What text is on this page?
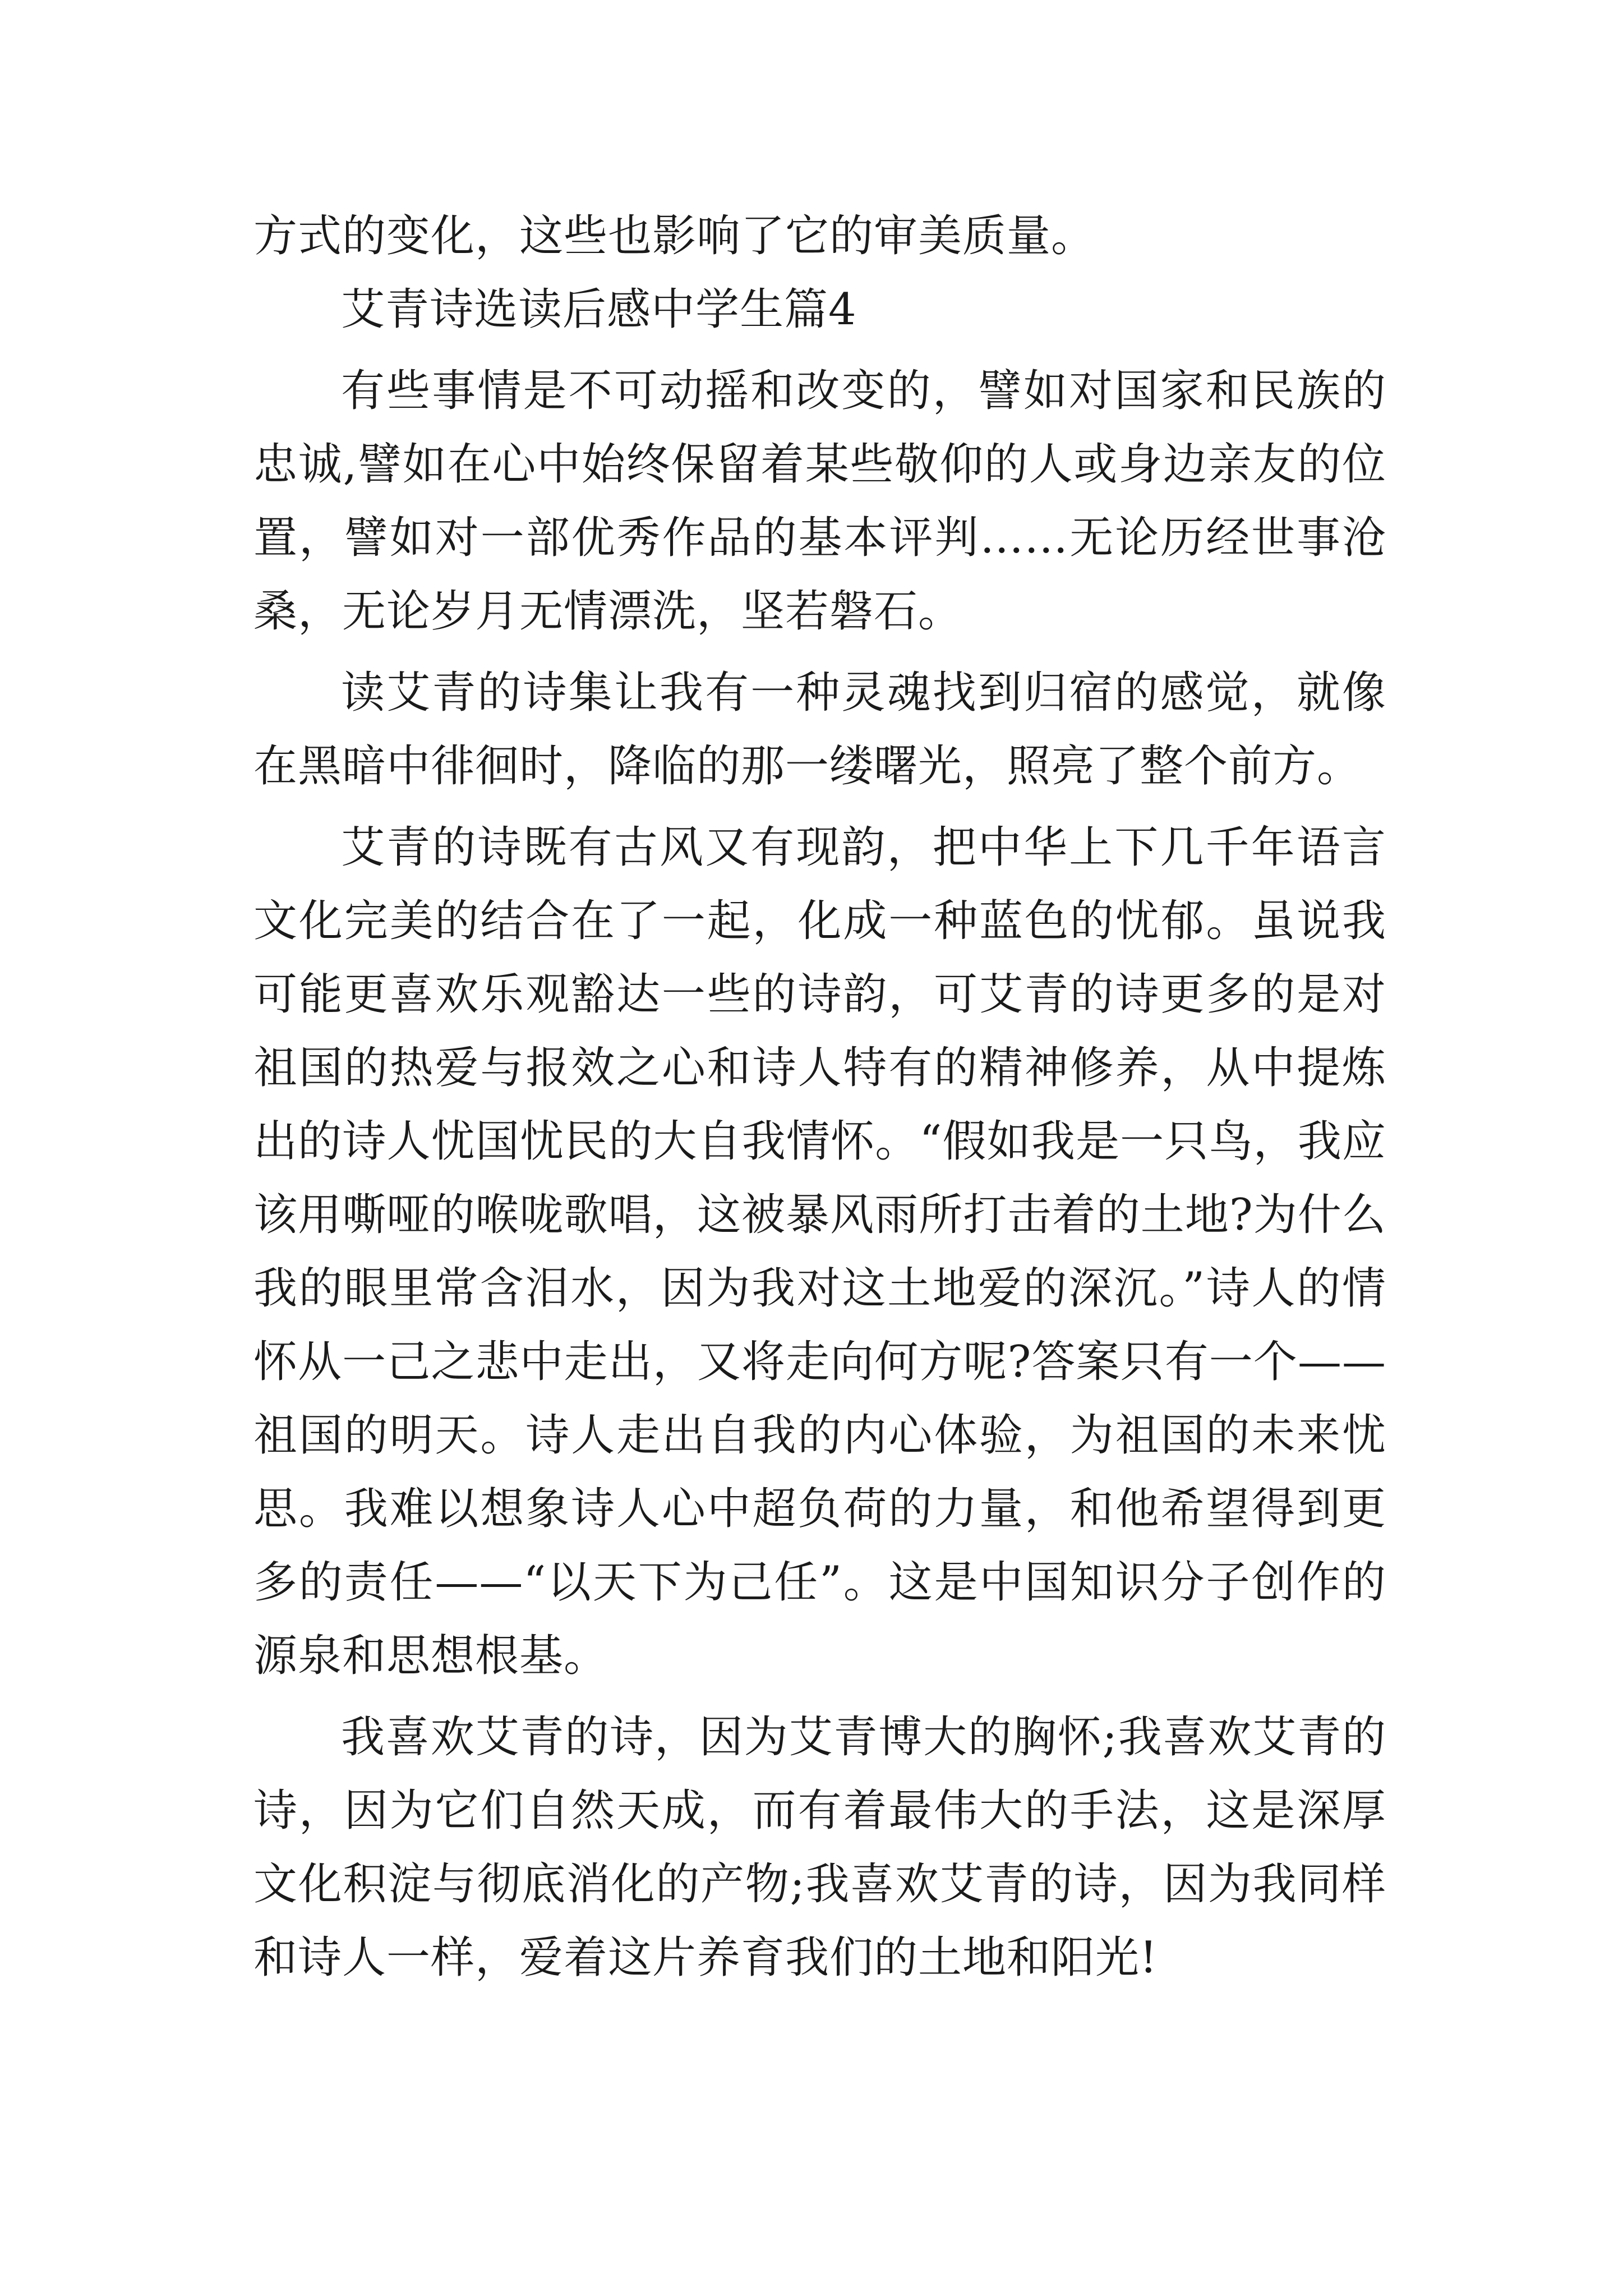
方式的变化，这些也影响了它的审美质量。

艾青诗选读后感中学生篇4

有些事情是不可动摇和改变的，譬如对国家和民族的忠诚,譬如在心中始终保留着某些敬仰的人或身边亲友的位置，譬如对一部优秀作品的基本评判……无论历经世事沧桑，无论岁月无情漂洗，坚若磐石。

读艾青的诗集让我有一种灵魂找到归宿的感觉，就像在黑暗中徘徊时，降临的那一缕曙光，照亮了整个前方。

艾青的诗既有古风又有现韵，把中华上下几千年语言文化完美的结合在了一起，化成一种蓝色的忧郁。虽说我可能更喜欢乐观豁达一些的诗韵，可艾青的诗更多的是对祖国的热爱与报效之心和诗人特有的精神修养，从中提炼出的诗人忧国忧民的大自我情怀。“假如我是一只鸟，我应该用嘶哑的喉咙歌唱，这被暴风雨所打击着的土地?为什么我的眼里常含泪水，因为我对这土地爱的深沉。”诗人的情怀从一己之悲中走出，又将走向何方呢?答案只有一个——祖国的明天。诗人走出自我的内心体验，为祖国的未来忧思。我难以想象诗人心中超负荷的力量，和他希望得到更多的责任——“以天下为己任”。这是中国知识分子创作的源泉和思想根基。

我喜欢艾青的诗，因为艾青博大的胸怀;我喜欢艾青的诗，因为它们自然天成，而有着最伟大的手法，这是深厚文化积淀与彻底消化的产物;我喜欢艾青的诗，因为我同样和诗人一样，爱着这片养育我们的土地和阳光!
